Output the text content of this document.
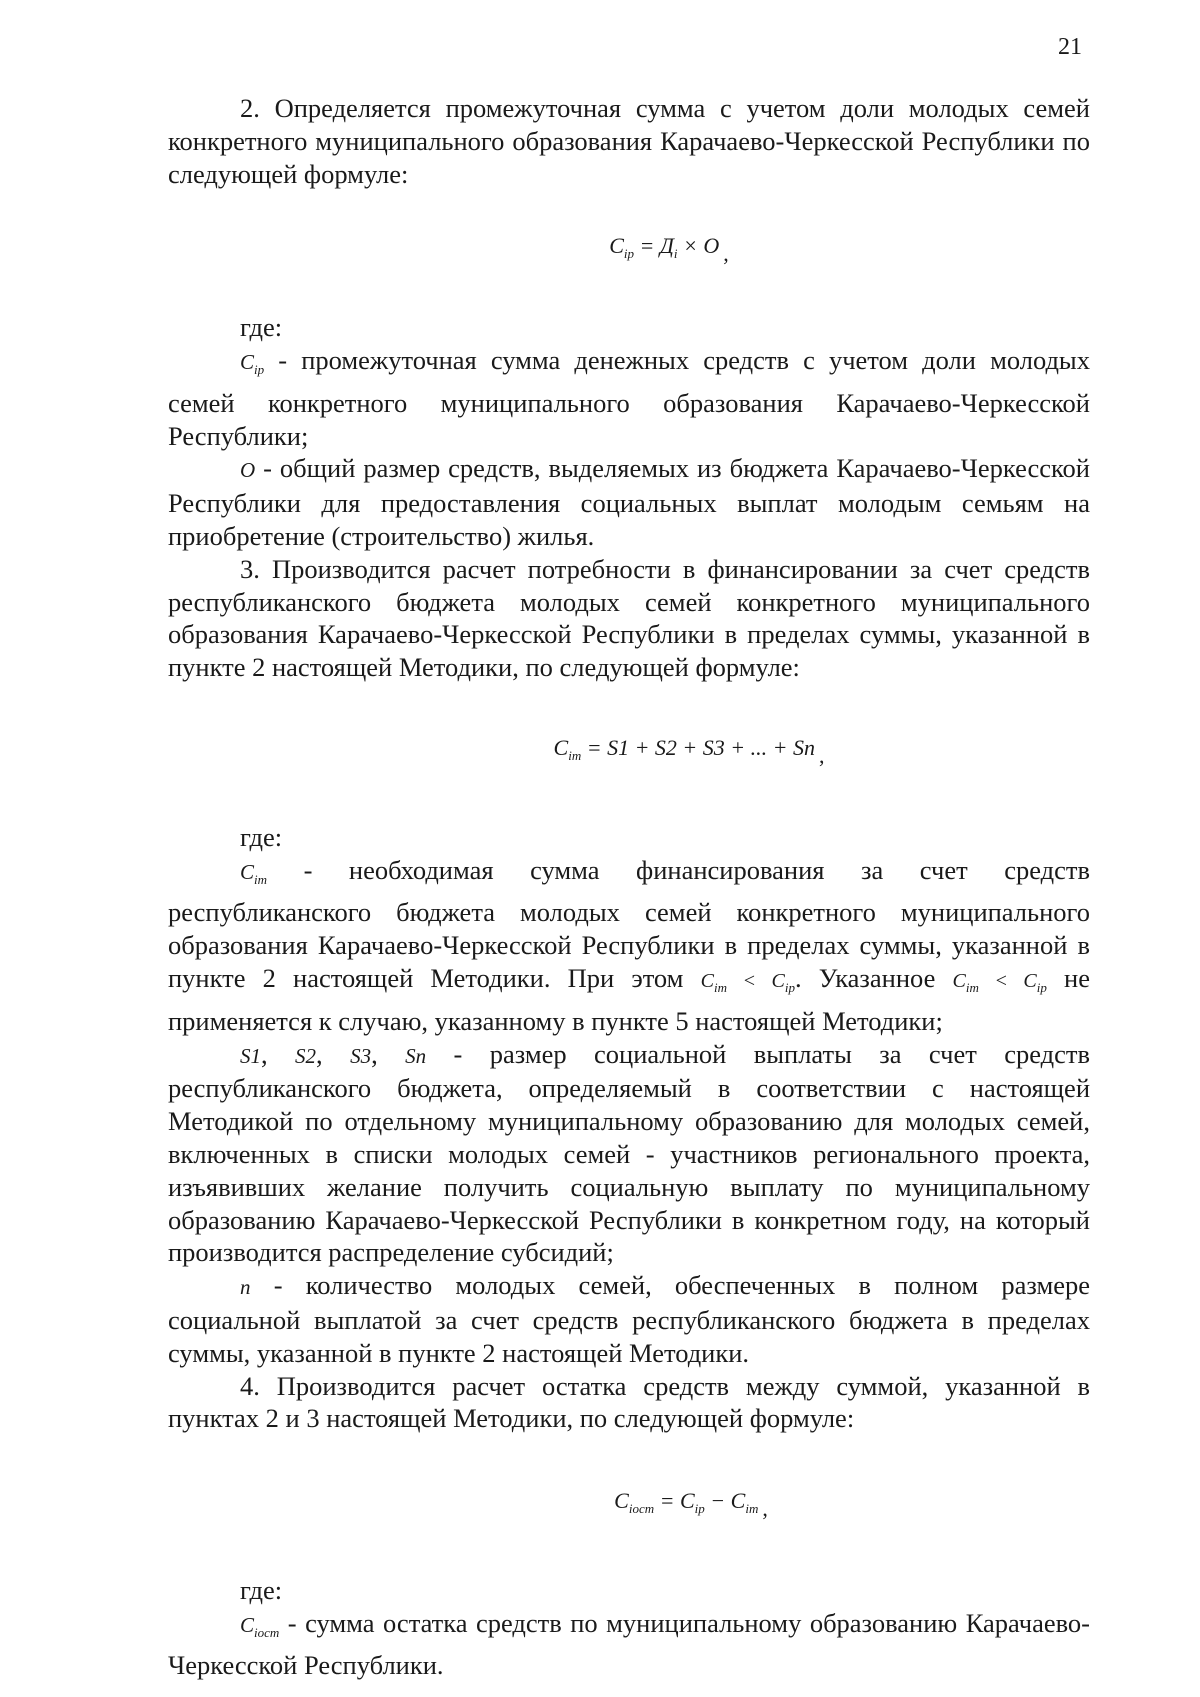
21

2. Определяется промежуточная сумма с учетом доли молодых семей конкретного муниципального образования Карачаево-Черкесской Республики по следующей формуле:

$C_{ip} = Д_i \times O$ ,

где:

$C_{ip}$ - промежуточная сумма денежных средств с учетом доли молодых семей конкретного муниципального образования Карачаево-Черкесской Республики;

O - общий размер средств, выделяемых из бюджета Карачаево-Черкесской Республики для предоставления социальных выплат молодым семьям на приобретение (строительство) жилья.

3. Производится расчет потребности в финансировании за счет средств республиканского бюджета молодых семей конкретного муниципального образования Карачаево-Черкесской Республики в пределах суммы, указанной в пункте 2 настоящей Методики, по следующей формуле:

$C_{im} = S1 + S2 + S3$ + ... + Sn ,

где:

$C_{im}$ - необходимая сумма финансирования за счет средств республиканского бюджета молодых семей конкретного муниципального образования Карачаево-Черкесской Республики в пределах суммы, указанной в пункте 2 настоящей Методики. При этом $C_{im} < C_{ip}$. Указанное $C_{im} < C_{ip}$ не применяется к случаю, указанному в пункте 5 настоящей Методики;

S1, S2, S3, Sn - размер социальной выплаты за счет средств республиканского бюджета, определяемый в соответствии с настоящей Методикой по отдельному муниципальному образованию для молодых семей, включенных в списки молодых семей - участников регионального проекта, изъявивших желание получить социальную выплату по муниципальному образованию Карачаево-Черкесской Республики в конкретном году, на который производится распределение субсидий;

n - количество молодых семей, обеспеченных в полном размере социальной выплатой за счет средств республиканского бюджета в пределах суммы, указанной в пункте 2 настоящей Методики.

4. Производится расчет остатка средств между суммой, указанной в пунктах 2 и 3 настоящей Методики, по следующей формуле:

$C_{iocm} = C_{ip} - C_{im}$ ,

где:

$C_{iocm}$ - сумма остатка средств по муниципальному образованию Карачаево-Черкесской Республики.
